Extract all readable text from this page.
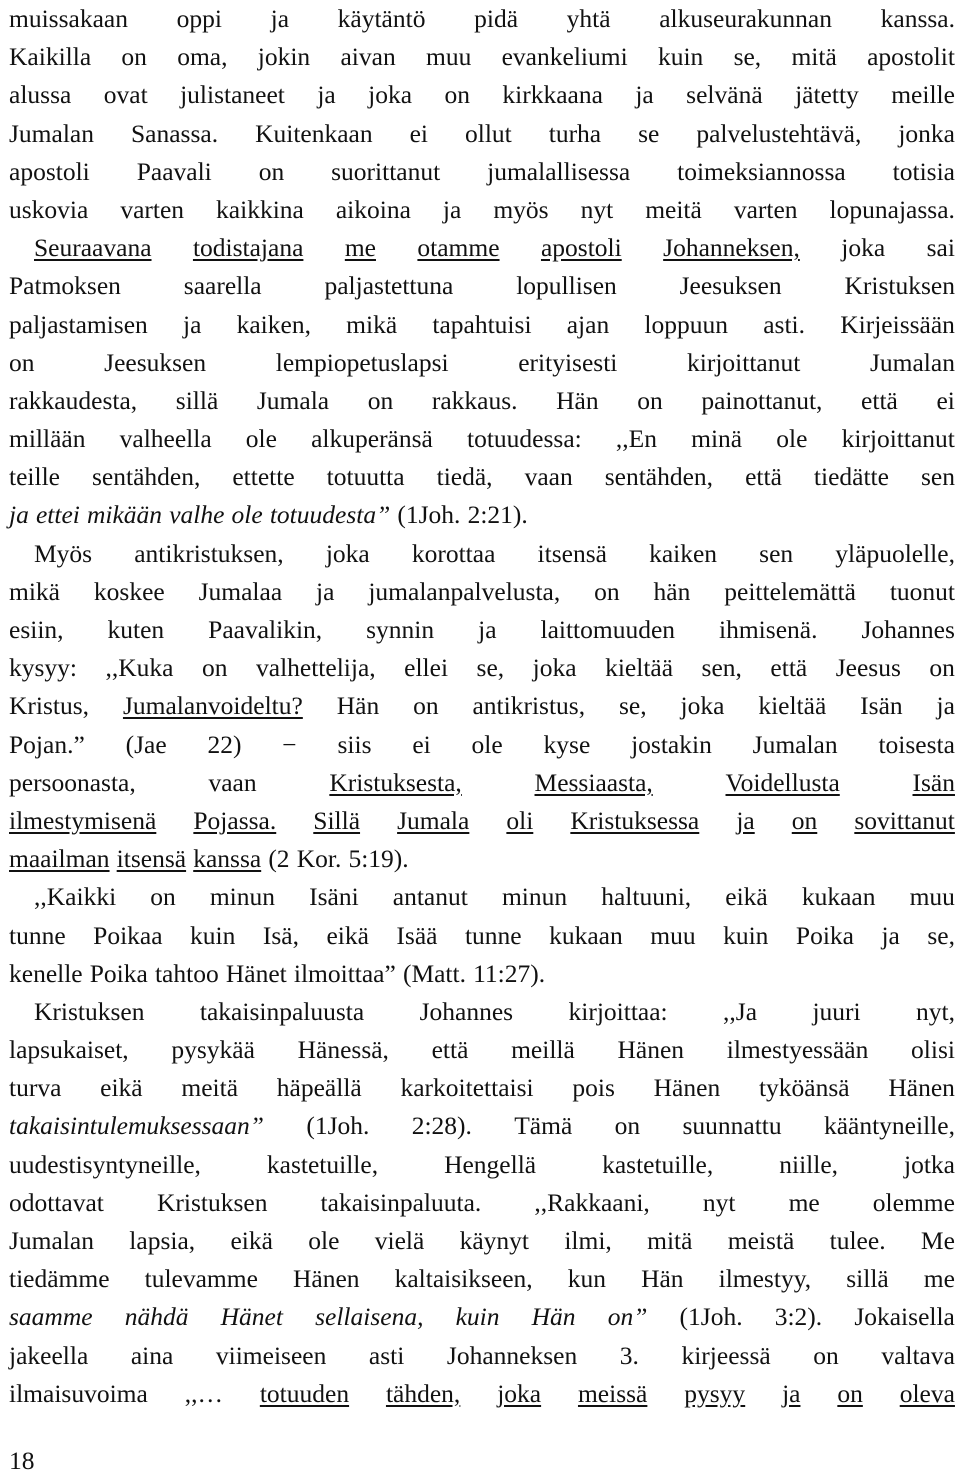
muissakaan oppi ja käytäntö pidä yhtä alkuseurakunnan kanssa.
Kaikilla on oma, jokin aivan muu evankeliumi kuin se, mitä apostolit
alussa ovat julistaneet ja joka on kirkkaana ja selvänä jätetty meille
Jumalan Sanassa. Kuitenkaan ei ollut turha se palvelustehtävä, jonka
apostoli Paavali on suorittanut jumalallisessa toimeksiannossa totisia
uskovia varten kaikkina aikoina ja myös nyt meitä varten lopunajassa.
Seuraavana todistajana me otamme apostoli Johanneksen, joka sai
Patmoksen saarella paljastettuna lopullisen Jeesuksen Kristuksen
paljastamisen ja kaiken, mikä tapahtuisi ajan loppuun asti. Kirjeissään
on	Jeesuksen	lempiopetuslapsi	erityisesti	kirjoittanut	Jumalan
rakkaudesta, sillä Jumala on rakkaus. Hän on painottanut, että ei
millään valheella ole alkuperänsä totuudessa: ,,En minä ole kirjoittanut
teille sentähden, ettette totuutta tiedä, vaan sentähden, että tiedätte sen
ja ettei mikään valhe ole totuudesta” (1Joh. 2:21).
Myös antikristuksen, joka korottaa itsensä kaiken sen yläpuolelle,
mikä koskee Jumalaa ja jumalanpalvelusta, on hän peittelemättä tuonut
esiin, kuten Paavalikin, synnin ja laittomuuden ihmisenä. Johannes
kysyy: ,,Kuka on valhettelija, ellei se, joka kieltää sen, että Jeesus on
Kristus, Jumalanvoideltu? Hän on antikristus, se, joka kieltää Isän ja
Pojan.” (Jae 22) − siis ei ole kyse jostakin Jumalan toisesta
persoonasta,	vaan	Kristuksesta,	Messiaasta,	Voidellusta	Isän
ilmestymisenä Pojassa. Sillä Jumala oli Kristuksessa ja on sovittanut
maailman itsensä kanssa (2 Kor. 5:19).
,,Kaikki on minun Isäni antanut minun haltuuni, eikä kukaan muu
tunne Poikaa kuin Isä, eikä Isää tunne kukaan muu kuin Poika ja se,
kenelle Poika tahtoo Hänet ilmoittaa” (Matt. 11:27).
Kristuksen takaisinpaluusta Johannes kirjoittaa: ,,Ja juuri nyt,
lapsukaiset, pysykää Hänessä, että meillä Hänen ilmestyessään olisi
turva eikä meitä häpeällä karkoitettaisi pois Hänen tyköänsä Hänen
takaisintulemuksessaan” (1Joh. 2:28). Tämä on suunnattu kääntyneille,
uudestisyntyneille,	kastetuille,	Hengellä	kastetuille,	niille,	jotka
odottavat Kristuksen takaisinpaluuta. ,,Rakkaani, nyt me olemme
Jumalan lapsia, eikä ole vielä käynyt ilmi, mitä meistä tulee. Me
tiedämme tulevamme Hänen kaltaisikseen, kun Hän ilmestyy, sillä me
saamme nähdä Hänet sellaisena, kuin Hän on” (1Joh. 3:2). Jokaisella
jakeella aina viimeiseen asti Johanneksen 3. kirjeessä on valtava
ilmaisuvoima ,,… totuuden tähden, joka meissä pysyy ja on oleva
18
